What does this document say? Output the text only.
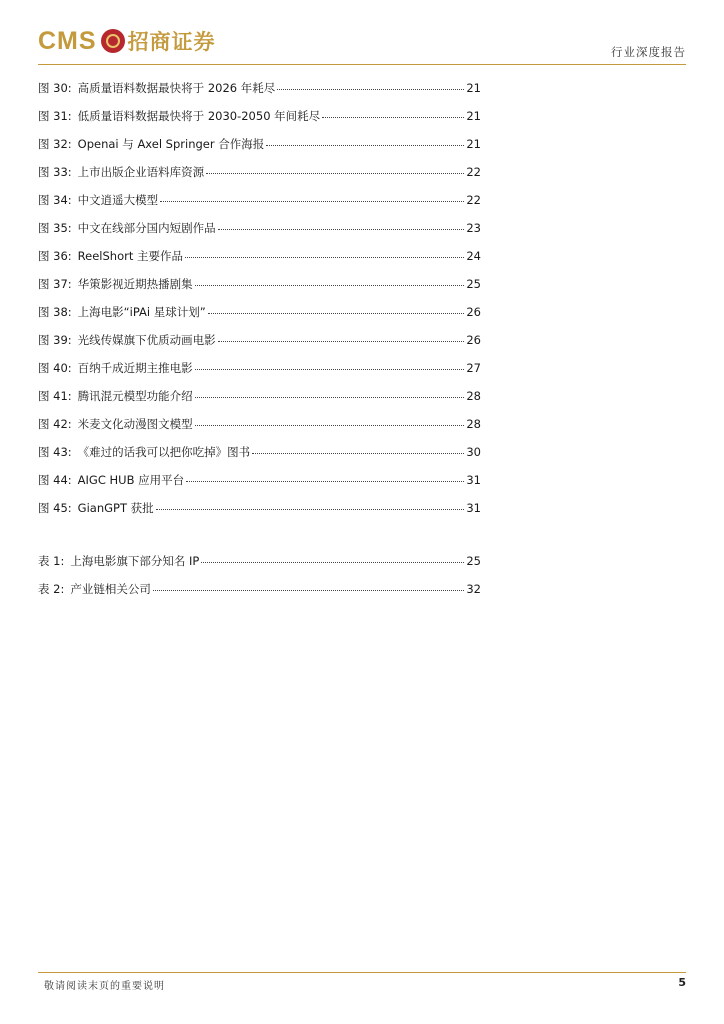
CMS 招商证券	行业深度报告
图 30: 高质量语料数据最快将于 2026 年耗尽	21
图 31: 低质量语料数据最快将于 2030-2050 年间耗尽	21
图 32: Openai 与 Axel Springer 合作海报	21
图 33: 上市出版企业语料库资源	22
图 34: 中文逍遥大模型	22
图 35: 中文在线部分国内短剧作品	23
图 36: ReelShort 主要作品	24
图 37: 华策影视近期热播剧集	25
图 38: 上海电影“iPAi 星球计划”	26
图 39: 光线传媒旗下优质动画电影	26
图 40: 百纳千成近期主推电影	27
图 41: 腾讯混元模型功能介绍	28
图 42: 米麦文化动漫图文模型	28
图 43: 《难过的话我可以把你吃掉》图书	30
图 44: AIGC HUB 应用平台	31
图 45: GianGPT 获批	31
表 1: 上海电影旗下部分知名 IP	25
表 2: 产业链相关公司	32
敬请阅读末页的重要说明	5
